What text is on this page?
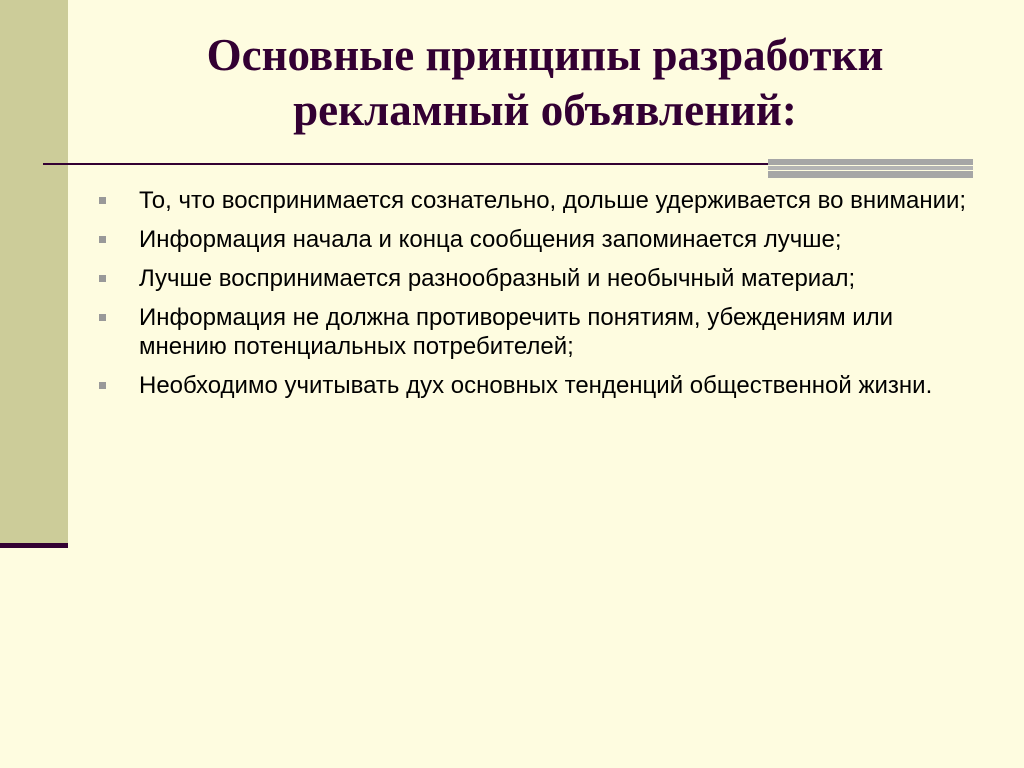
Основные принципы разработки
рекламный объявлений:
То, что воспринимается сознательно, дольше удерживается во внимании;
Информация начала и конца сообщения запоминается лучше;
Лучше воспринимается разнообразный и необычный материал;
Информация не должна противоречить понятиям, убеждениям или мнению потенциальных потребителей;
Необходимо учитывать дух основных тенденций общественной жизни.
